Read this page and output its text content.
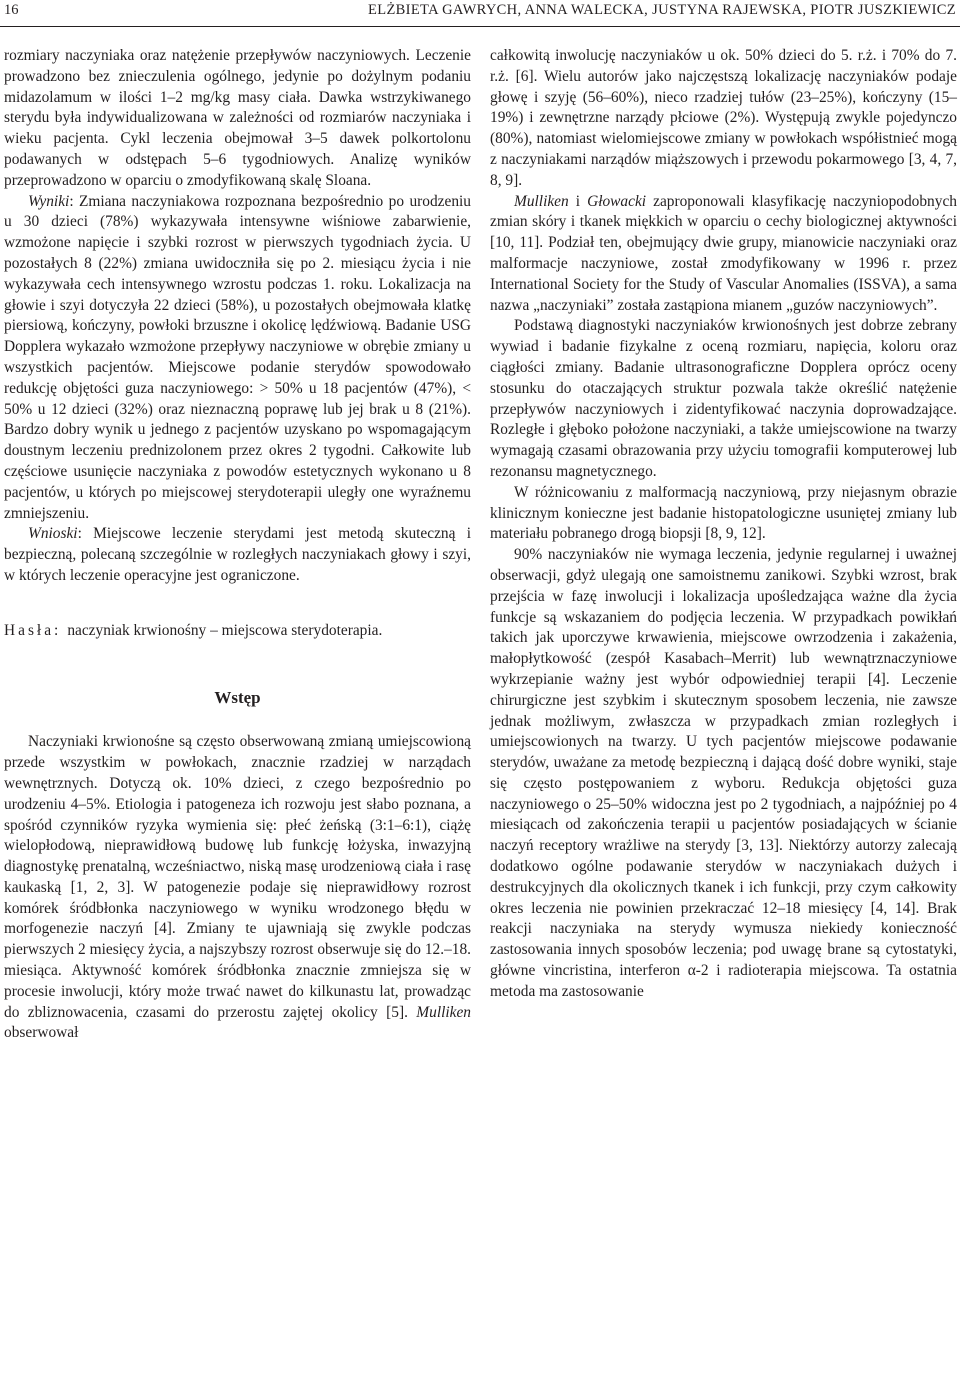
16	ELŻBIETA GAWRYCH, ANNA WALECKA, JUSTYNA RAJEWSKA, PIOTR JUSZKIEWICZ

rozmiary naczyniaka oraz natężenie przepływów naczyniowych. Leczenie prowadzono bez znieczulenia ogólnego, jedynie po dożylnym podaniu midazolamum w ilości 1–2 mg/kg masy ciała. Dawka wstrzykiwanego sterydu była indywidualizowana w zależności od rozmiarów naczyniaka i wieku pacjenta. Cykl leczenia obejmował 3–5 dawek polkortolonu podawanych w odstępach 5–6 tygodniowych. Analizę wyników przeprowadzono w oparciu o zmodyfikowaną skalę Sloana.

Wyniki: Zmiana naczyniakowa rozpoznana bezpośrednio po urodzeniu u 30 dzieci (78%) wykazywała intensywne wiśniowe zabarwienie, wzmożone napięcie i szybki rozrost w pierwszych tygodniach życia. U pozostałych 8 (22%) zmiana uwidoczniła się po 2. miesiącu życia i nie wykazywała cech intensywnego wzrostu podczas 1. roku. Lokalizacja na głowie i szyi dotyczyła 22 dzieci (58%), u pozostałych obejmowała klatkę piersiową, kończyny, powłoki brzuszne i okolicę lędźwiową. Badanie USG Dopplera wykazało wzmożone przepływy naczyniowe w obrębie zmiany u wszystkich pacjentów. Miejscowe podanie sterydów spowodowało redukcję objętości guza naczyniowego: > 50% u 18 pacjentów (47%), < 50% u 12 dzieci (32%) oraz nieznaczną poprawę lub jej brak u 8 (21%). Bardzo dobry wynik u jednego z pacjentów uzyskano po wspomagającym doustnym leczeniu prednizolonem przez okres 2 tygodni. Całkowite lub częściowe usunięcie naczyniaka z powodów estetycznych wykonano u 8 pacjentów, u których po miejscowej sterydoterapii uległy one wyraźnemu zmniejszeniu.

Wnioski: Miejscowe leczenie sterydami jest metodą skuteczną i bezpieczną, polecaną szczególnie w rozległych naczyniakach głowy i szyi, w których leczenie operacyjne jest ograniczone.

Hasła: naczyniak krwionośny – miejscowa sterydoterapia.
Wstęp

Naczyniaki krwionośne są często obserwowaną zmianą umiejscowioną przede wszystkim w powłokach, znacznie rzadziej w narządach wewnętrznych. Dotyczą ok. 10% dzieci, z czego bezpośrednio po urodzeniu 4–5%. Etiologia i patogeneza ich rozwoju jest słabo poznana, a spośród czynników ryzyka wymienia się: płeć żeńską (3:1–6:1), ciążę wielopłodową, nieprawidłową budowę lub funkcję łożyska, inwazyjną diagnostykę prenatalną, wcześniactwo, niską masę urodzeniową ciała i rasę kaukaską [1, 2, 3]. W patogenezie podaje się nieprawidłowy rozrost komórek śródbłonka naczyniowego w wyniku wrodzonego błędu w morfogenezie naczyń [4]. Zmiany te ujawniają się zwykle podczas pierwszych 2 miesięcy życia, a najszybszy rozrost obserwuje się do 12.–18. miesiąca. Aktywność komórek śródbłonka znacznie zmniejsza się w procesie inwolucji, który może trwać nawet do kilkunastu lat, prowadząc do zbliznowacenia, czasami do przerostu zajętej okolicy [5]. Mulliken obserwował

całkowitą inwolucję naczyniaków u ok. 50% dzieci do 5. r.ż. i 70% do 7. r.ż. [6]. Wielu autorów jako najczęstszą lokalizację naczyniaków podaje głowę i szyję (56–60%), nieco rzadziej tułów (23–25%), kończyny (15–19%) i zewnętrzne narządy płciowe (2%). Występują zwykle pojedynczo (80%), natomiast wielomiejscowe zmiany w powłokach współistnieć mogą z naczyniakami narządów miąższowych i przewodu pokarmowego [3, 4, 7, 8, 9].

Mulliken i Głowacki zaproponowali klasyfikację naczyniopodobnych zmian skóry i tkanek miękkich w oparciu o cechy biologicznej aktywności [10, 11]. Podział ten, obejmujący dwie grupy, mianowicie naczyniaki oraz malformacje naczyniowe, został zmodyfikowany w 1996 r. przez International Society for the Study of Vascular Anomalies (ISSVA), a sama nazwa „naczyniaki” została zastąpiona mianem „guzów naczyniowych”.

Podstawą diagnostyki naczyniaków krwionośnych jest dobrze zebrany wywiad i badanie fizykalne z oceną rozmiaru, napięcia, koloru oraz ciągłości zmiany. Badanie ultrasonograficzne Dopplera oprócz oceny stosunku do otaczających struktur pozwala także określić natężenie przepływów naczyniowych i zidentyfikować naczynia doprowadzające. Rozległe i głęboko położone naczyniaki, a także umiejscowione na twarzy wymagają czasami obrazowania przy użyciu tomografii komputerowej lub rezonansu magnetycznego.

W różnicowaniu z malformacją naczyniową, przy niejasnym obrazie klinicznym konieczne jest badanie histopatologiczne usuniętej zmiany lub materiału pobranego drogą biopsji [8, 9, 12].

90% naczyniaków nie wymaga leczenia, jedynie regularnej i uważnej obserwacji, gdyż ulegają one samoistnemu zanikowi. Szybki wzrost, brak przejścia w fazę inwolucji i lokalizacja upośledzająca ważne dla życia funkcje są wskazaniem do podjęcia leczenia. W przypadkach powikłań takich jak uporczywe krwawienia, miejscowe owrzodzenia i zakażenia, małopłytkowość (zespół Kasabach–Merrit) lub wewnątrznaczyniowe wykrzepianie ważny jest wybór odpowiedniej terapii [4]. Leczenie chirurgiczne jest szybkim i skutecznym sposobem leczenia, nie zawsze jednak możliwym, zwłaszcza w przypadkach zmian rozległych i umiejscowionych na twarzy. U tych pacjentów miejscowe podawanie sterydów, uważane za metodę bezpieczną i dającą dość dobre wyniki, staje się często postępowaniem z wyboru. Redukcja objętości guza naczyniowego o 25–50% widoczna jest po 2 tygodniach, a najpóźniej po 4 miesiącach od zakończenia terapii u pacjentów posiadających w ścianie naczyń receptory wrażliwe na sterydy [3, 13]. Niektórzy autorzy zalecają dodatkowo ogólne podawanie sterydów w naczyniakach dużych i destrukcyjnych dla okolicznych tkanek i ich funkcji, przy czym całkowity okres leczenia nie powinien przekraczać 12–18 miesięcy [4, 14]. Brak reakcji naczyniaka na sterydy wymusza niekiedy konieczność zastosowania innych sposobów leczenia; pod uwagę brane są cytostatyki, główne vincristina, interferon α-2 i radioterapia miejscowa. Ta ostatnia metoda ma zastosowanie
